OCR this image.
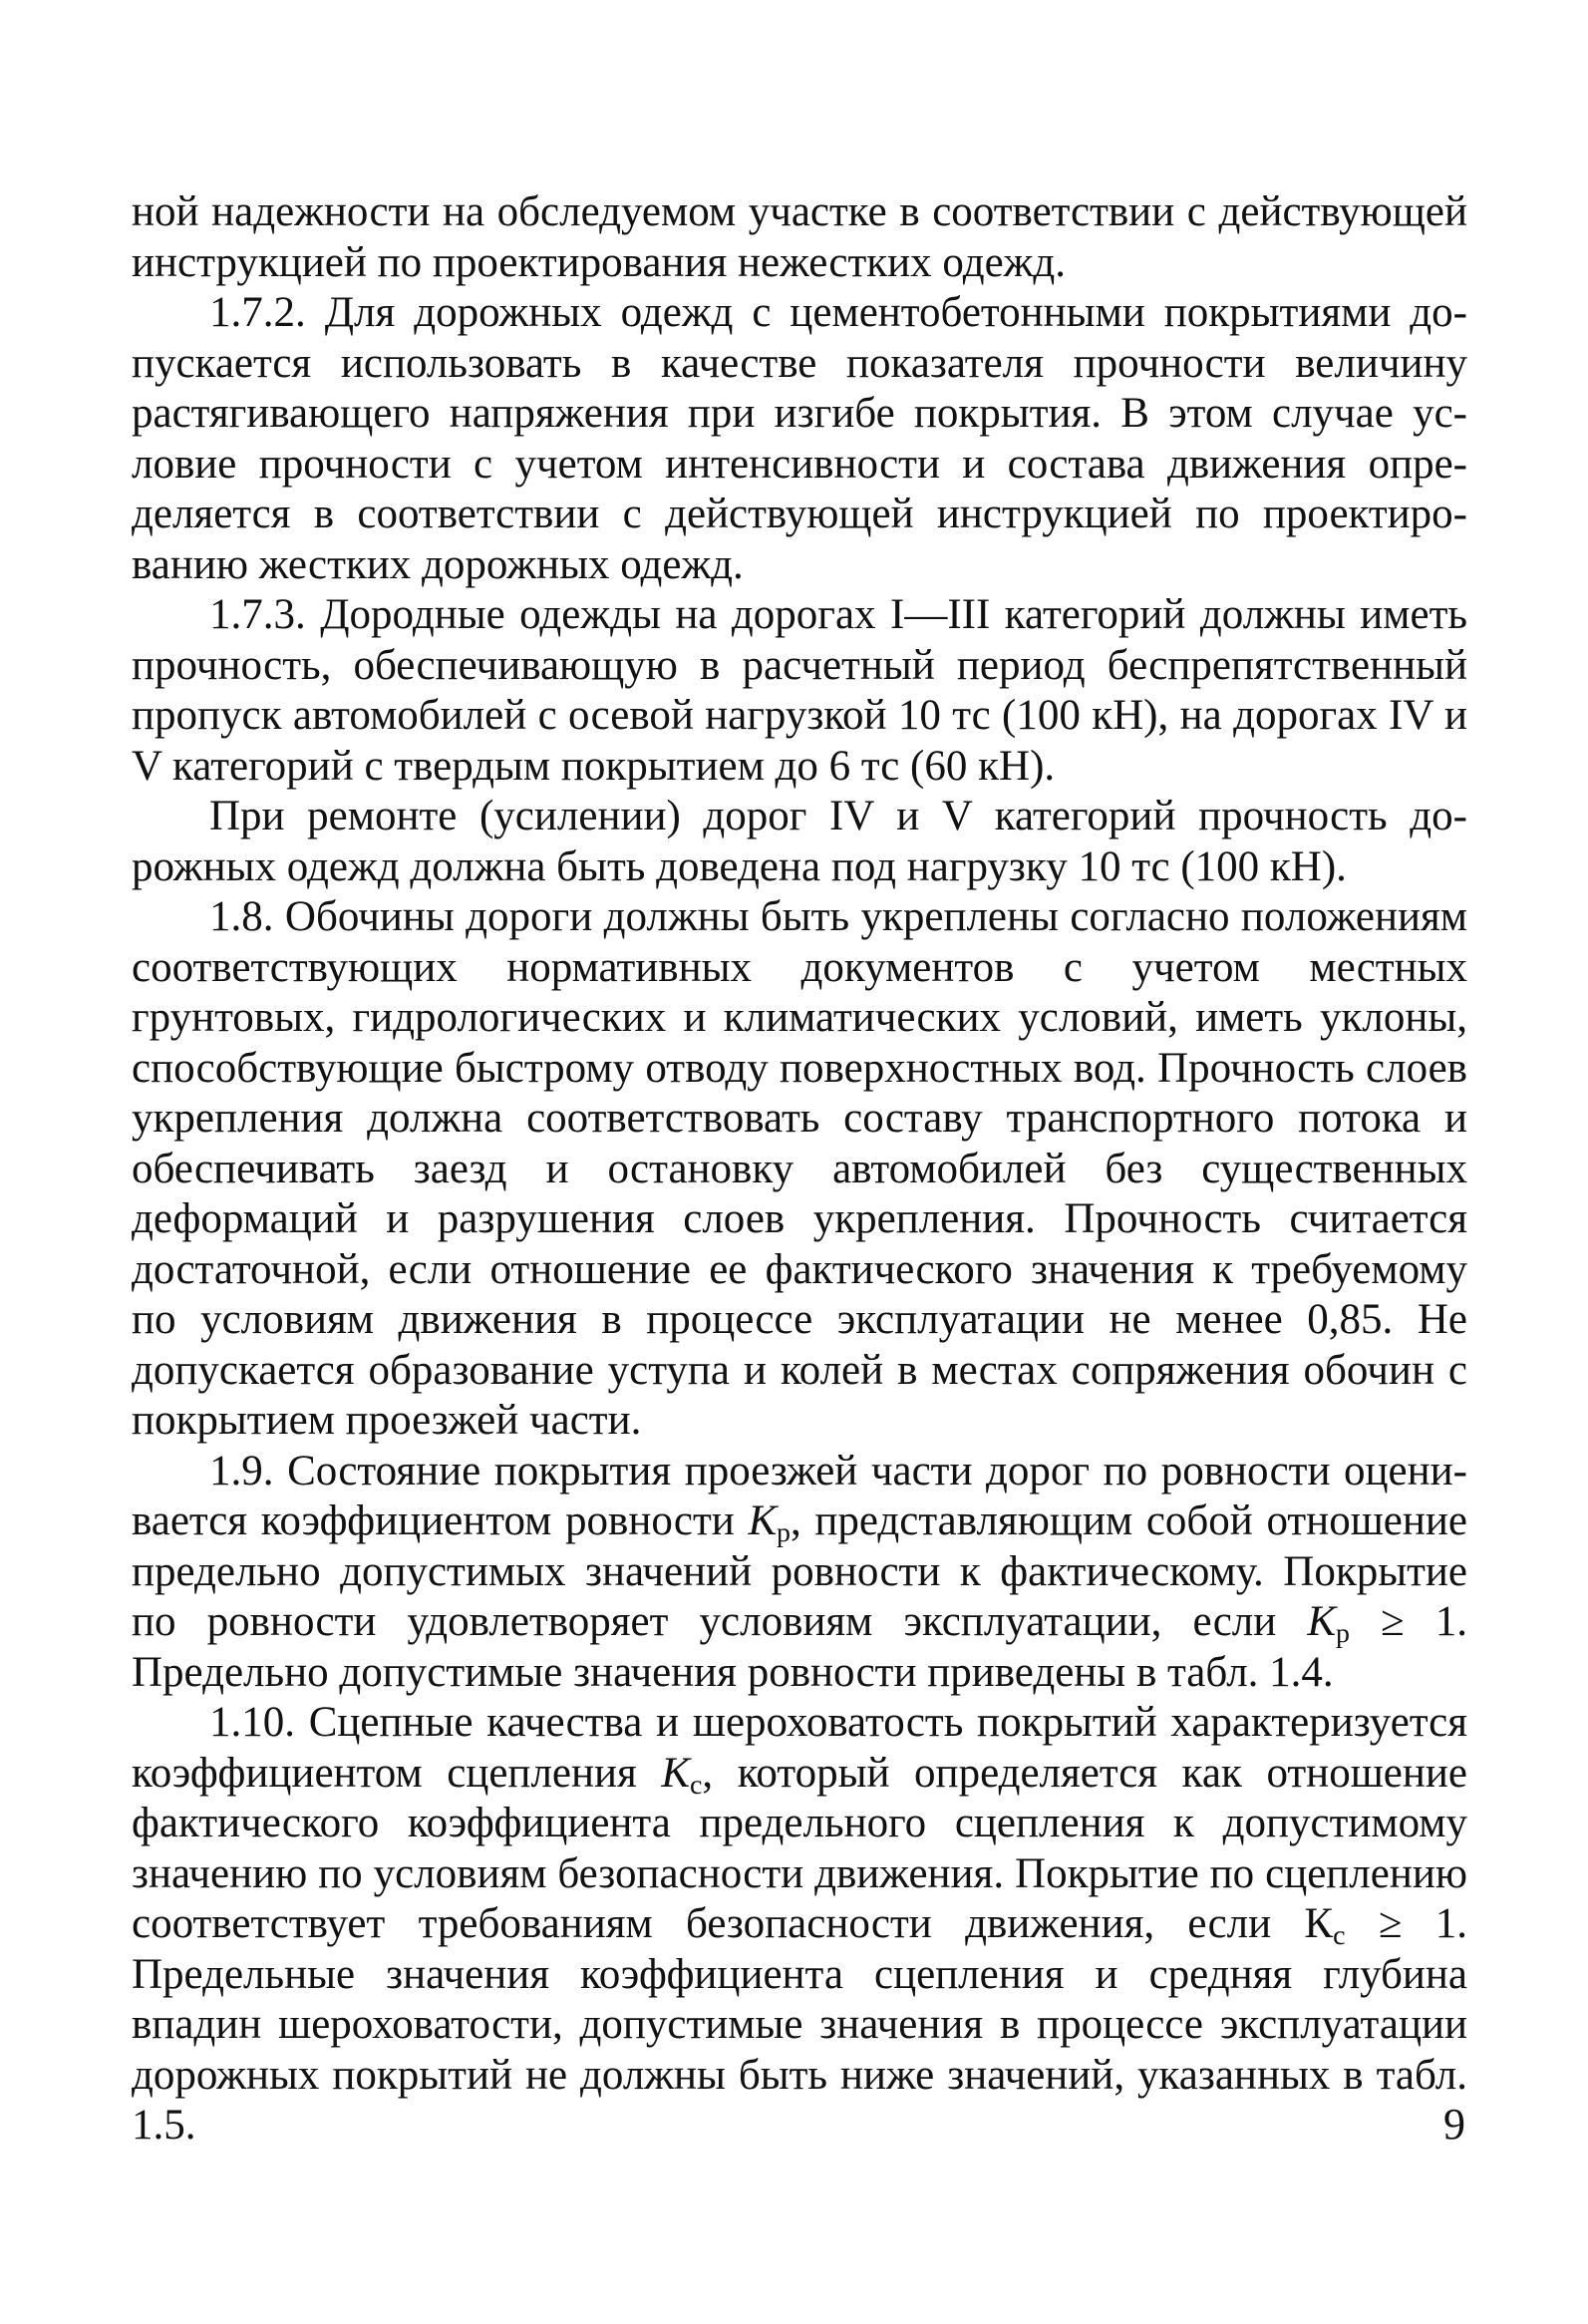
ной надежности на обследуемом участке в соответствии с действующей инструкцией по проектирования нежестких одежд.

1.7.2. Для дорожных одежд с цементобетонными покрытиями допускается использовать в качестве показателя прочности величину растягивающего напряжения при изгибе покрытия. В этом случае условие прочности с учетом интенсивности и состава движения определяется в соответствии с действующей инструкцией по проектированию жестких дорожных одежд.

1.7.3. Дородные одежды на дорогах I—III категорий должны иметь прочность, обеспечивающую в расчетный период беспрепятственный пропуск автомобилей с осевой нагрузкой 10 тс (100 кН), на дорогах IV и V категорий с твердым покрытием до 6 тс (60 кН).

При ремонте (усилении) дорог IV и V категорий прочность дорожных одежд должна быть доведена под нагрузку 10 тс (100 кН).

1.8. Обочины дороги должны быть укреплены согласно положениям соответствующих нормативных документов с учетом местных грунтовых, гидрологических и климатических условий, иметь уклоны, способствующие быстрому отводу поверхностных вод. Прочность слоев укрепления должна соответствовать составу транспортного потока и обеспечивать заезд и остановку автомобилей без существенных деформаций и разрушения слоев укрепления. Прочность считается достаточной, если отношение ее фактического значения к требуемому по условиям движения в процессе эксплуатации не менее 0,85. Не допускается образование уступа и колей в местах сопряжения обочин с покрытием проезжей части.

1.9. Состояние покрытия проезжей части дорог по ровности оценивается коэффициентом ровности $К_р$, представляющим собой отношение предельно допустимых значений ровности к фактическому. Покрытие по ровности удовлетворяет условиям эксплуатации, если $К_р \ge 1$. Предельно допустимые значения ровности приведены в табл. 1.4.

1.10. Сцепные качества и шероховатость покрытий характеризуется коэффициентом сцепления $К_с$, который определяется как отношение фактического коэффициента предельного сцепления к допустимому значению по условиям безопасности движения. Покрытие по сцеплению соответствует требованиям безопасности движения, если $К_с \ge 1$. Предельные значения коэффициента сцепления и средняя глубина впадин шероховатости, допустимые значения в процессе эксплуатации дорожных покрытий не должны быть ниже значений, указанных в табл. 1.5.	9
